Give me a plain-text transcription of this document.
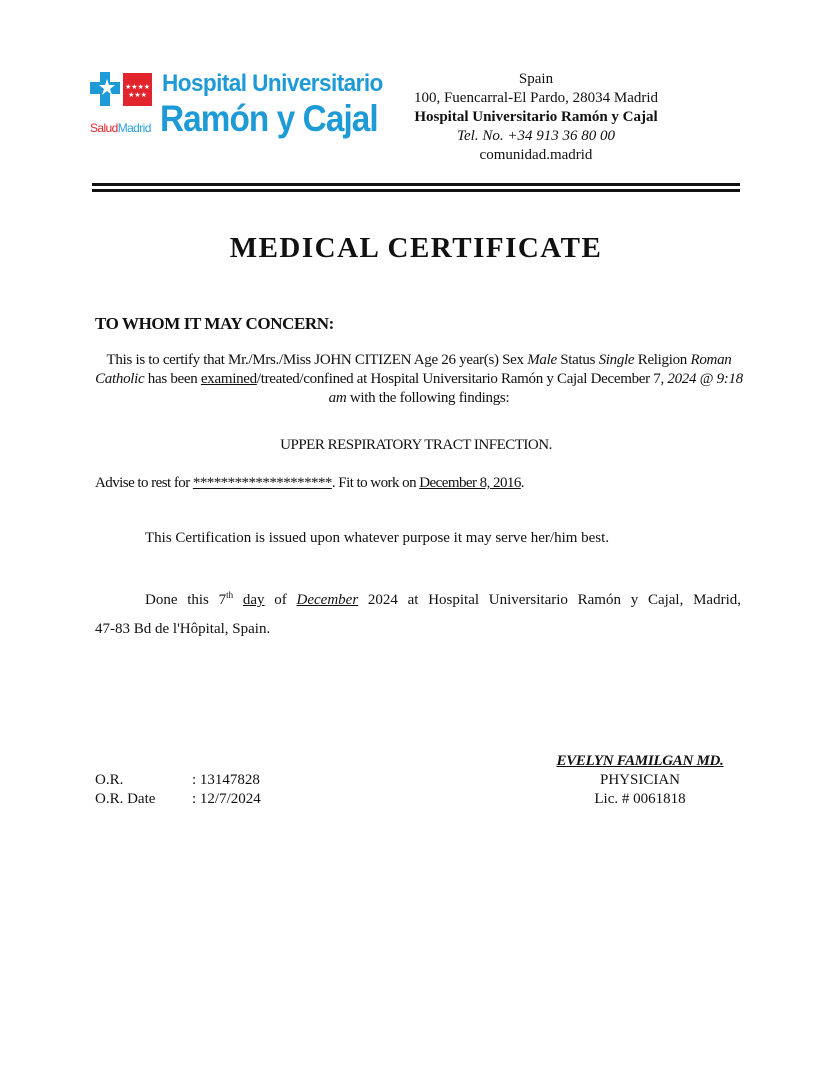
★★★★
★★★
SaludMadrid
Hospital Universitario
Ramón y Cajal
Spain
100, Fuencarral-El Pardo, 28034 Madrid
Hospital Universitario Ramón y Cajal
Tel. No. +34 913 36 80 00
comunidad.madrid
MEDICAL CERTIFICATE
TO WHOM IT MAY CONCERN:
This is to certify that Mr./Mrs./Miss JOHN CITIZEN Age 26 year(s) Sex Male Status Single Religion Roman Catholic has been examined/treated/confined at Hospital Universitario Ramón y Cajal December 7, 2024 @ 9:18 am with the following findings:
UPPER RESPIRATORY TRACT INFECTION.
Advise to rest for ********************. Fit to work on December 8, 2016.
This Certification is issued upon whatever purpose it may serve her/him best.
Done this 7th day of December 2024 at Hospital Universitario Ramón y Cajal, Madrid,
47-83 Bd de l'Hôpital, Spain.
O.R.	: 13147828
O.R. Date	: 12/7/2024
EVELYN FAMILGAN MD.
PHYSICIAN
Lic. # 0061818
